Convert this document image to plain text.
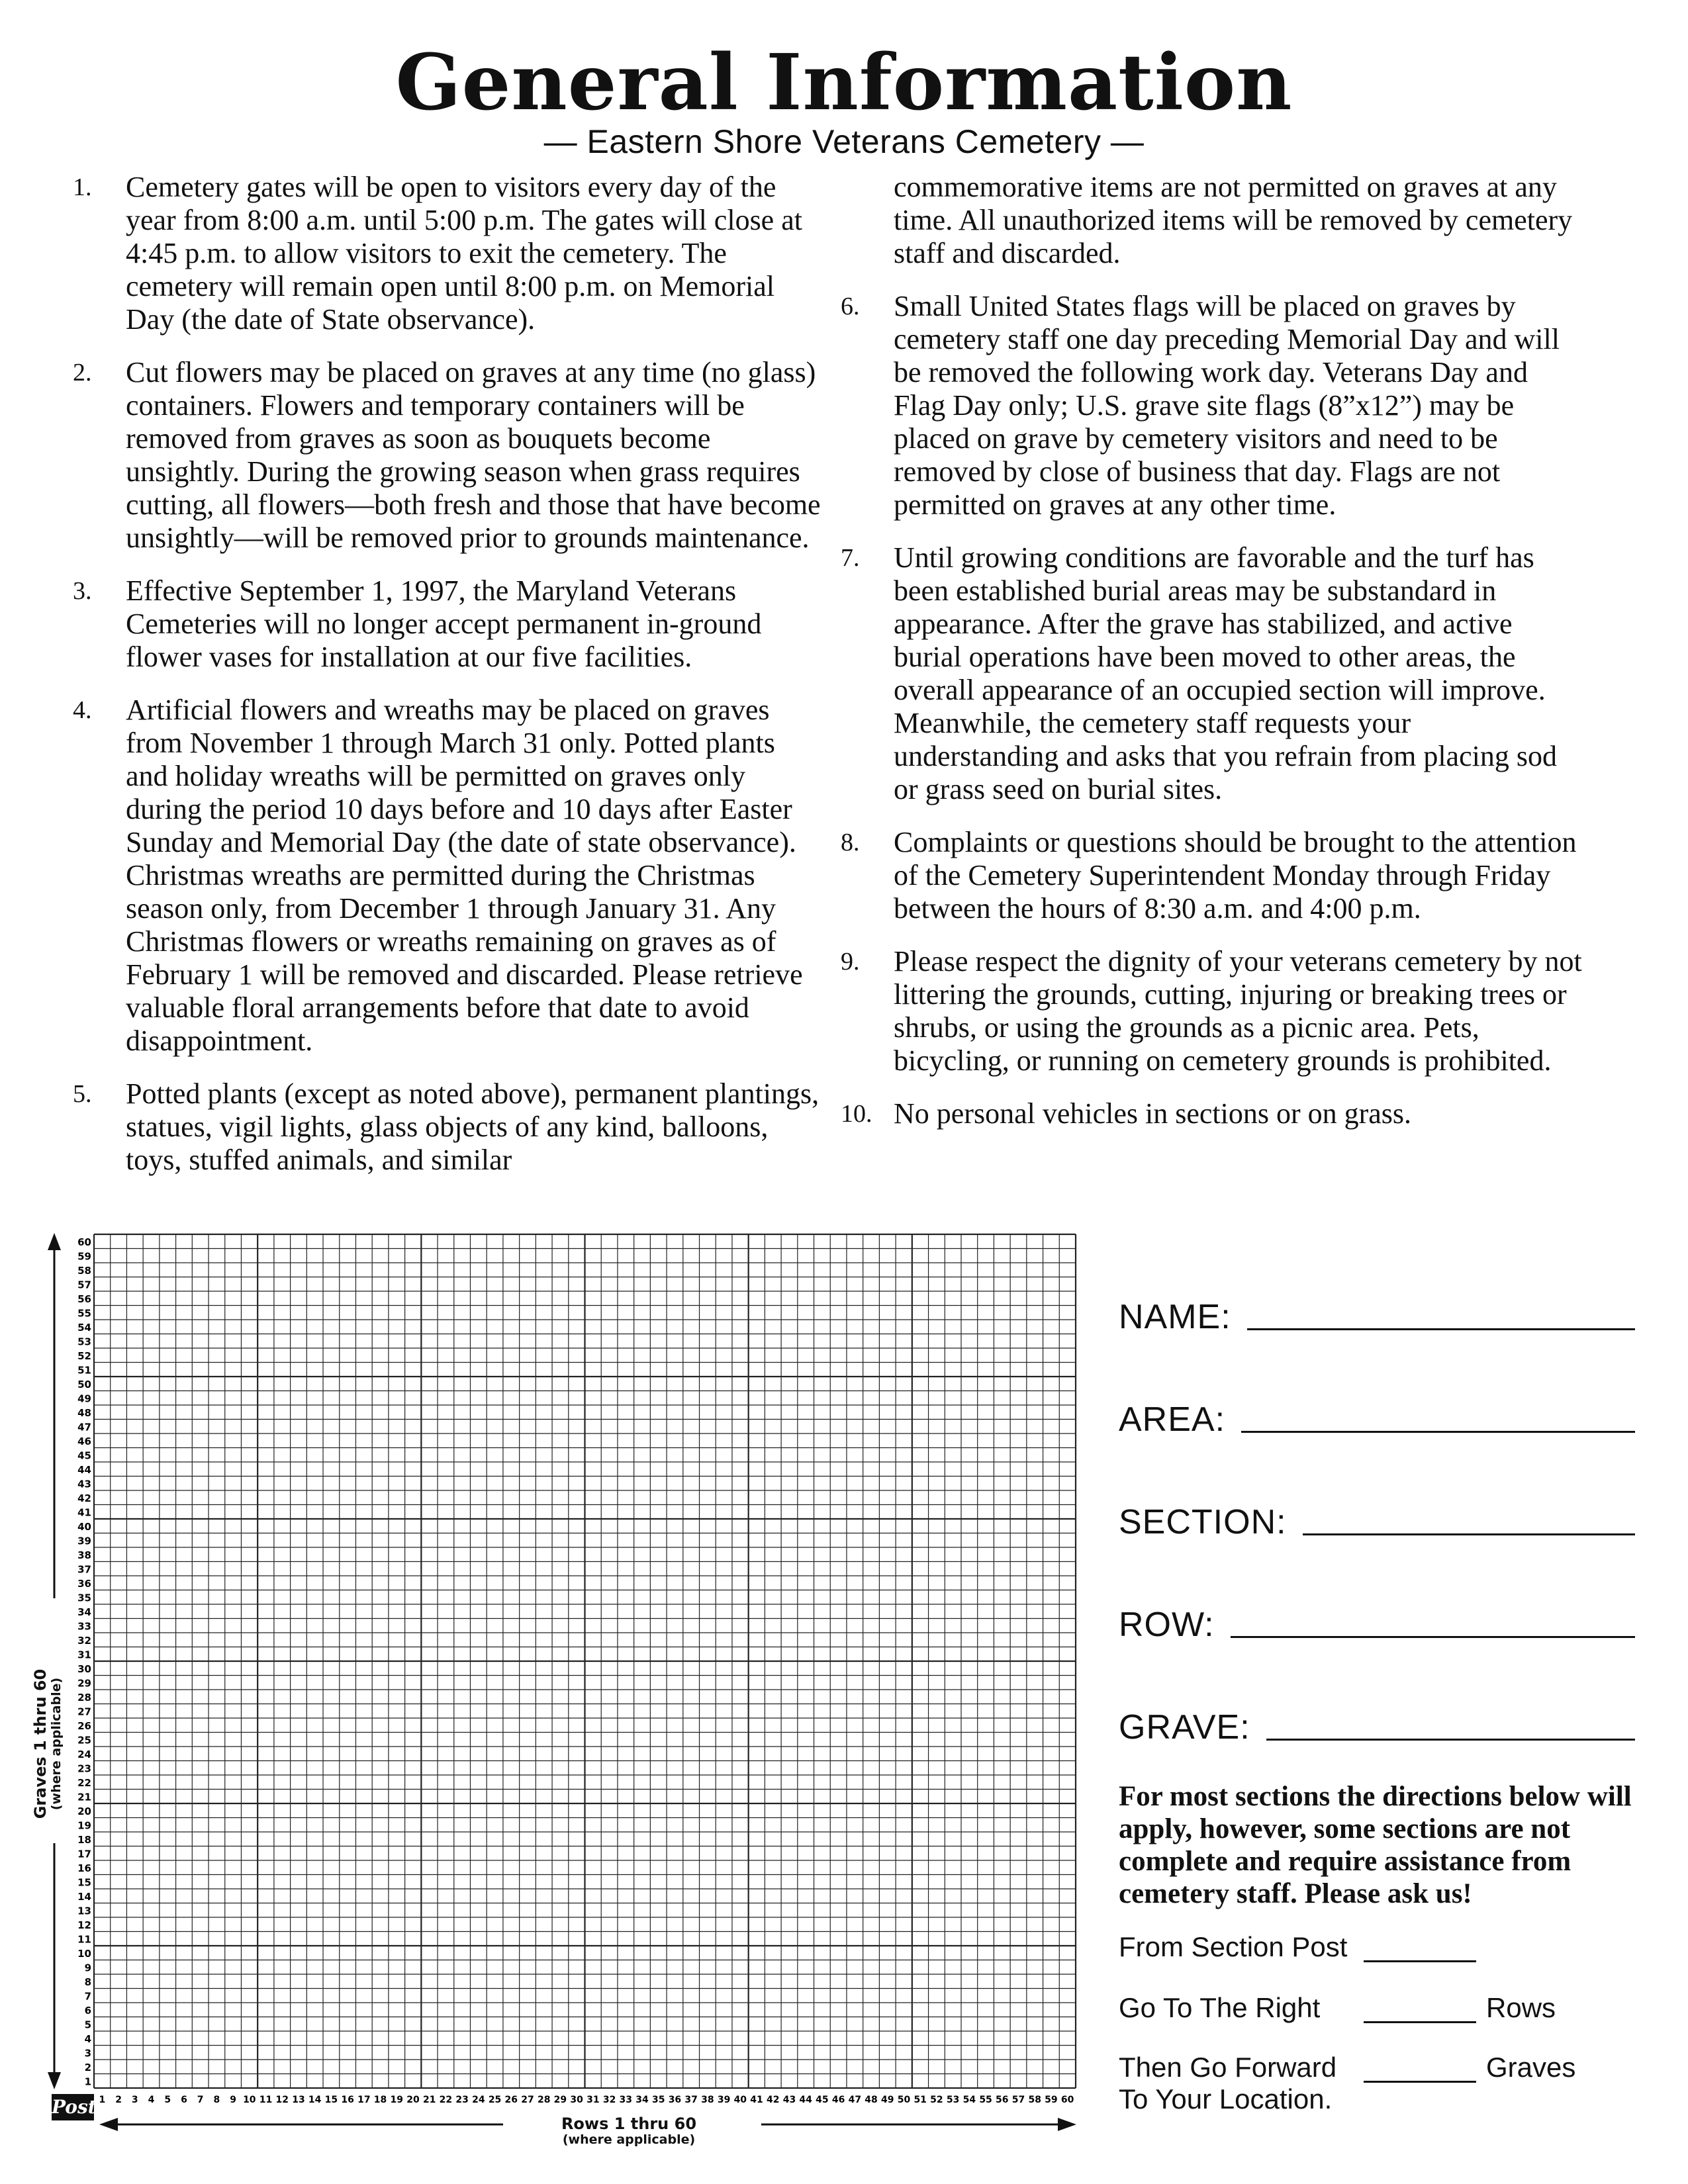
General Information
— Eastern Shore Veterans Cemetery —
1.	Cemetery gates will be open to visitors every day of the year from 8:00 a.m. until 5:00 p.m. The gates will close at 4:45 p.m. to allow visitors to exit the cemetery. The cemetery will remain open until 8:00 p.m. on Memorial Day (the date of State observance).
2.	Cut flowers may be placed on graves at any time (no glass) containers. Flowers and temporary containers will be removed from graves as soon as bouquets become unsightly. During the growing season when grass requires cutting, all flowers—both fresh and those that have become unsightly—will be removed prior to grounds maintenance.
3.	Effective September 1, 1997, the Maryland Veterans Cemeteries will no longer accept permanent in-ground flower vases for installation at our five facilities.
4.	Artificial flowers and wreaths may be placed on graves from November 1 through March 31 only. Potted plants and holiday wreaths will be permitted on graves only during the period 10 days before and 10 days after Easter Sunday and Memorial Day (the date of state observance). Christmas wreaths are permitted during the Christmas season only, from December 1 through January 31. Any Christmas flowers or wreaths remaining on graves as of February 1 will be removed and discarded. Please retrieve valuable floral arrangements before that date to avoid disappointment.
5.	Potted plants (except as noted above), permanent plantings, statues, vigil lights, glass objects of any kind, balloons, toys, stuffed animals, and similar
commemorative items are not permitted on graves at any time. All unauthorized items will be removed by cemetery staff and discarded.
6.	Small United States flags will be placed on graves by cemetery staff one day preceding Memorial Day and will be removed the following work day. Veterans Day and Flag Day only; U.S. grave site flags (8”x12”) may be placed on grave by cemetery visitors and need to be removed by close of business that day. Flags are not permitted on graves at any other time.
7.	Until growing conditions are favorable and the turf has been established burial areas may be substandard in appearance. After the grave has stabilized, and active burial operations have been moved to other areas, the overall appearance of an occupied section will improve. Meanwhile, the cemetery staff requests your understanding and asks that you refrain from placing sod or grass seed on burial sites.
8.	Complaints or questions should be brought to the attention of the Cemetery Superintendent Monday through Friday between the hours of 8:30 a.m. and 4:00 p.m.
9.	Please respect the dignity of your veterans cemetery by not littering the grounds, cutting, injuring or breaking trees or shrubs, or using the grounds as a picnic area. Pets, bicycling, or running on cemetery grounds is prohibited.
10. No personal vehicles in sections or on grass.
1
2
3
4
5
6
7
8
9
10
11
12
13
14
15
16
17
18
19
20
21
22
23
24
25
26
27
28
29
30
31
32
33
34
35
36
37
38
39
40
41
42
43
44
45
46
47
48
49
50
51
52
53
54
55
56
57
58
59
60
1 2 3 4 5 6 7 8 9 10 11 12 13 14 15 16 17 18 19 20 21 22 23 24 25 26 27 28 29 30 31 32 33 34 35 36 37 38 39 40 41 42 43 44 45 46 47 48 49 50 51 52 53 54 55 56 57 58 59 60
Post
Rows 1 thru 60
(where applicable)
Graves 1 thru 60 (where applicable)
NAME:
AREA:
SECTION:
ROW:
GRAVE:
For most sections the directions below will apply, however, some sections are not complete and require assistance from cemetery staff. Please ask us!
From Section Post
Go To The Right	Rows
Then Go Forward To Your Location.
Graves
